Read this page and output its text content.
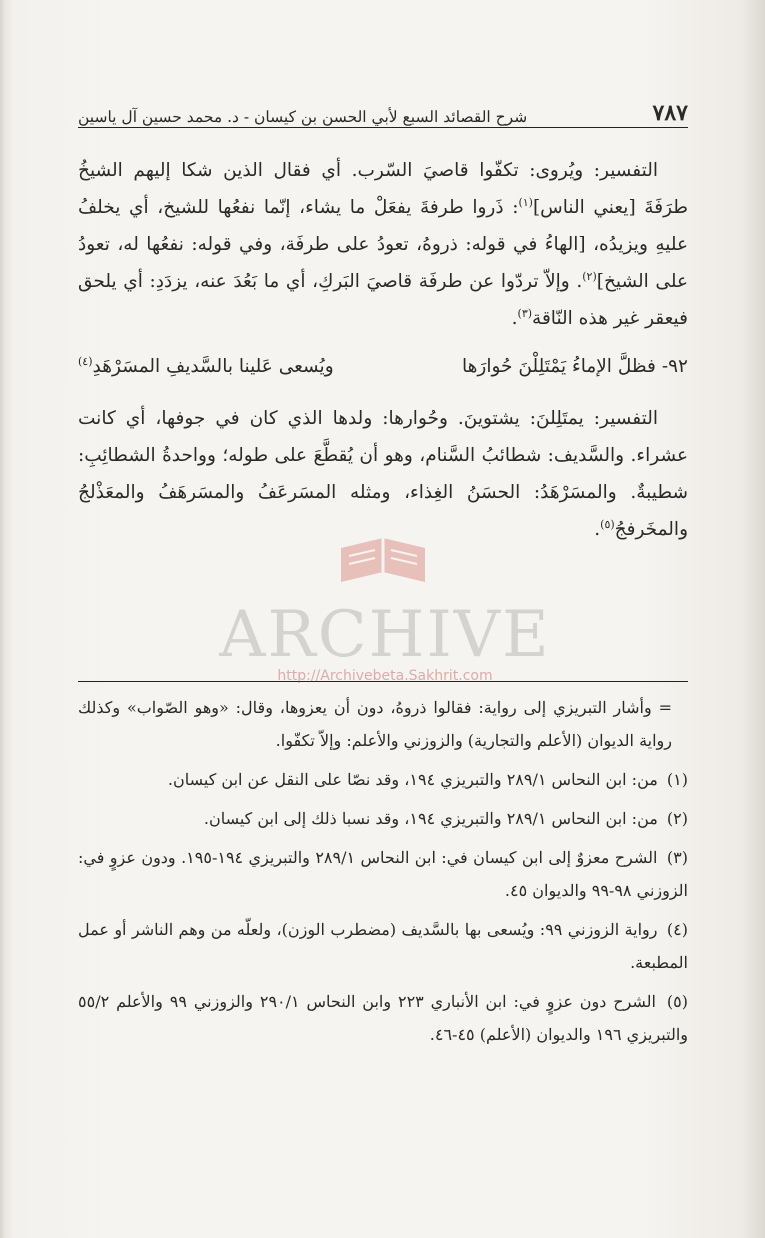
شرح القصائد السبع لأبي الحسن بن كيسان - د. محمد حسين آل ياسين	٧٨٧

التفسير: ويُروى: تكفّوا قاصيَ السّرب. أي فقال الذين شكا إليهم الشيخُ طرَفَةَ [يعني الناس]$^{(١)}$: ذَروا طرفةَ يفعَلْ ما يشاء، إنّما نفعُها للشيخ، أي يخلفُ عليهِ ويزيدُه، [الهاءُ في قوله: ذروهُ، تعودُ على طرفَة، وفي قوله: نفعُها له، تعودُ على الشيخ]$^{(٢)}$. وإلاّ تردّوا عن طرفَة قاصيَ البَركِ، أي ما بَعُدَ عنه، يزدَدِ: أي يلحق فيعقر غير هذه النّاقة$^{(٣)}$.

٩٢-فظلَّ الإماءُ يَمْتَلِلْنَ حُوارَها
ويُسعى عَلينا بالسَّديفِ المسَرْهَدِ$^{(٤)}$

التفسير: يمتَلِلنَ: يشتوينَ. وحُوارها: ولدها الذي كان في جوفها، أي كانت عشراء. والسَّديف: شطائبُ السَّنام، وهو أن يُقطَّعَ على طوله؛ وواحدةُ الشطائِبِ: شطيبةٌ. والمسَرْهَدُ: الحسَنُ الغِذاء، ومثله المسَرعَفُ والمسَرهَفُ والمعَذْلجُ والمخَرفجُ$^{(٥)}$.

= وأشار التبريزي إلى رواية: فقالوا ذروهُ، دون أن يعزوها، وقال: «وهو الصّواب» وكذلك رواية الديوان (الأعلم والتجارية) والزوزني والأعلم: وإلاّ تكفّوا.
(١) من: ابن النحاس ٢٨٩/١ والتبريزي ١٩٤، وقد نصّا على النقل عن ابن كيسان.
(٢) من: ابن النحاس ٢٨٩/١ والتبريزي ١٩٤، وقد نسبا ذلك إلى ابن كيسان.
(٣) الشرح معزوٌ إلى ابن كيسان في: ابن النحاس ٢٨٩/١ والتبريزي ١٩٤-١٩٥. ودون عزوٍ في: الزوزني ٩٨-٩٩ والديوان ٤٥.
(٤) رواية الزوزني ٩٩: ويُسعى بها بالسَّديف (مضطرب الوزن)، ولعلّه من وهم الناشر أو عمل المطبعة.
(٥) الشرح دون عزوٍ في: ابن الأنباري ٢٢٣ وابن النحاس ٢٩٠/١ والزوزني ٩٩ والأعلم ٥٥/٢ والتبريزي ١٩٦ والديوان (الأعلم) ٤٥-٤٦.
ARCHIVE
http://Archivebeta.Sakhrit.com
